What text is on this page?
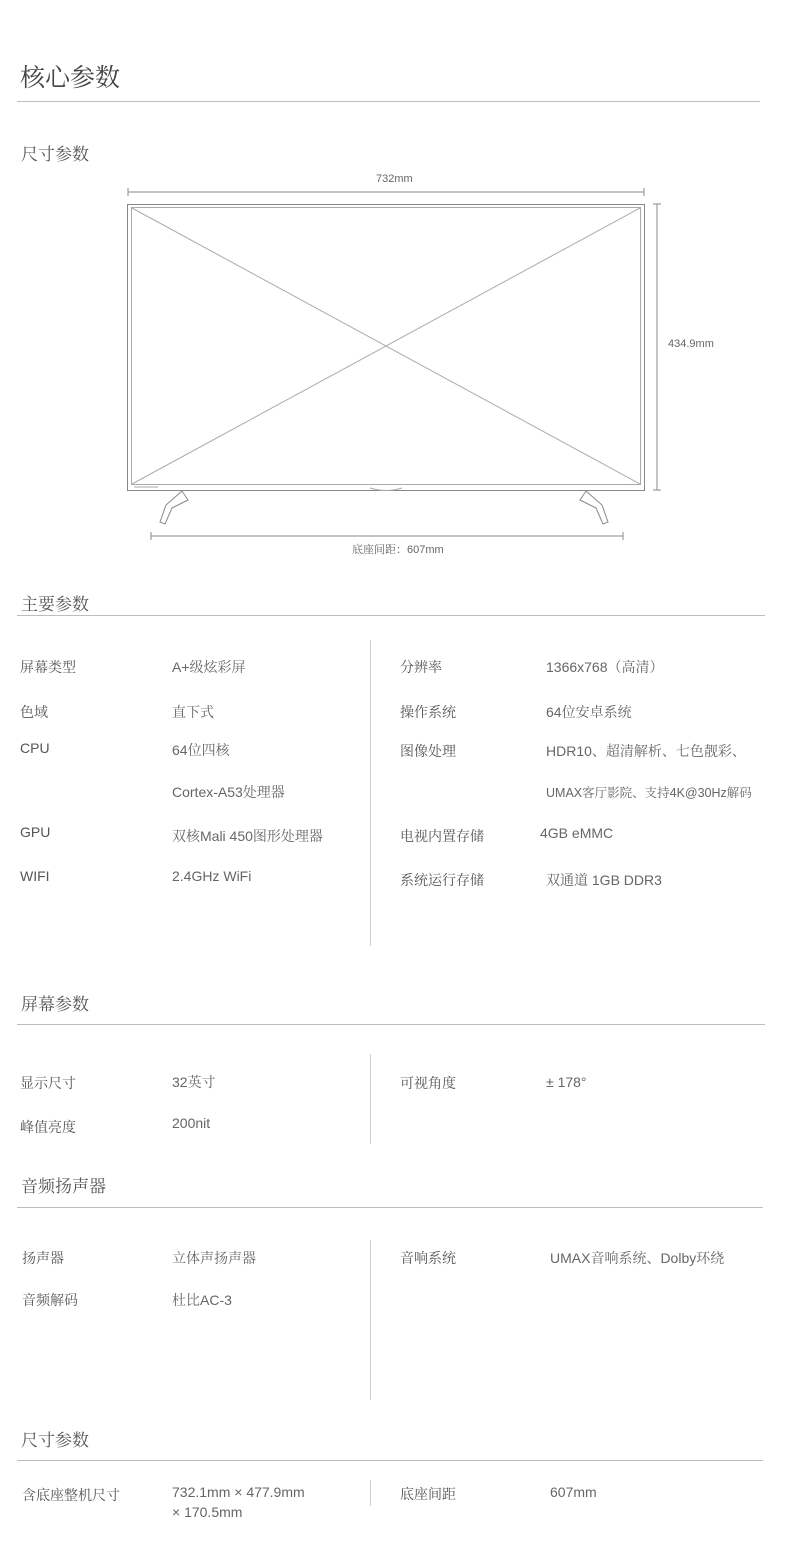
核心参数
尺寸参数
732mm
434.9mm
底座间距：607mm
主要参数
屏幕类型	A+级炫彩屏
色域	直下式
CPU	64位四核
Cortex-A53处理器
GPU	双核Mali 450图形处理器
WIFI	2.4GHz WiFi
分辨率	1366x768（高清）
操作系统	64位安卓系统
图像处理	HDR10、超清解析、七色靓彩、
UMAX客厅影院、支持4K@30Hz解码
电视内置存储	4GB eMMC
系统运行存储	双通道 1GB DDR3
屏幕参数
显示尺寸	32英寸
峰值亮度	200nit
可视角度	± 178°
音频扬声器
扬声器	立体声扬声器
音频解码	杜比AC-3
音响系统	UMAX音响系统、Dolby环绕
尺寸参数
含底座整机尺寸	732.1mm × 477.9mm
× 170.5mm
底座间距	607mm
